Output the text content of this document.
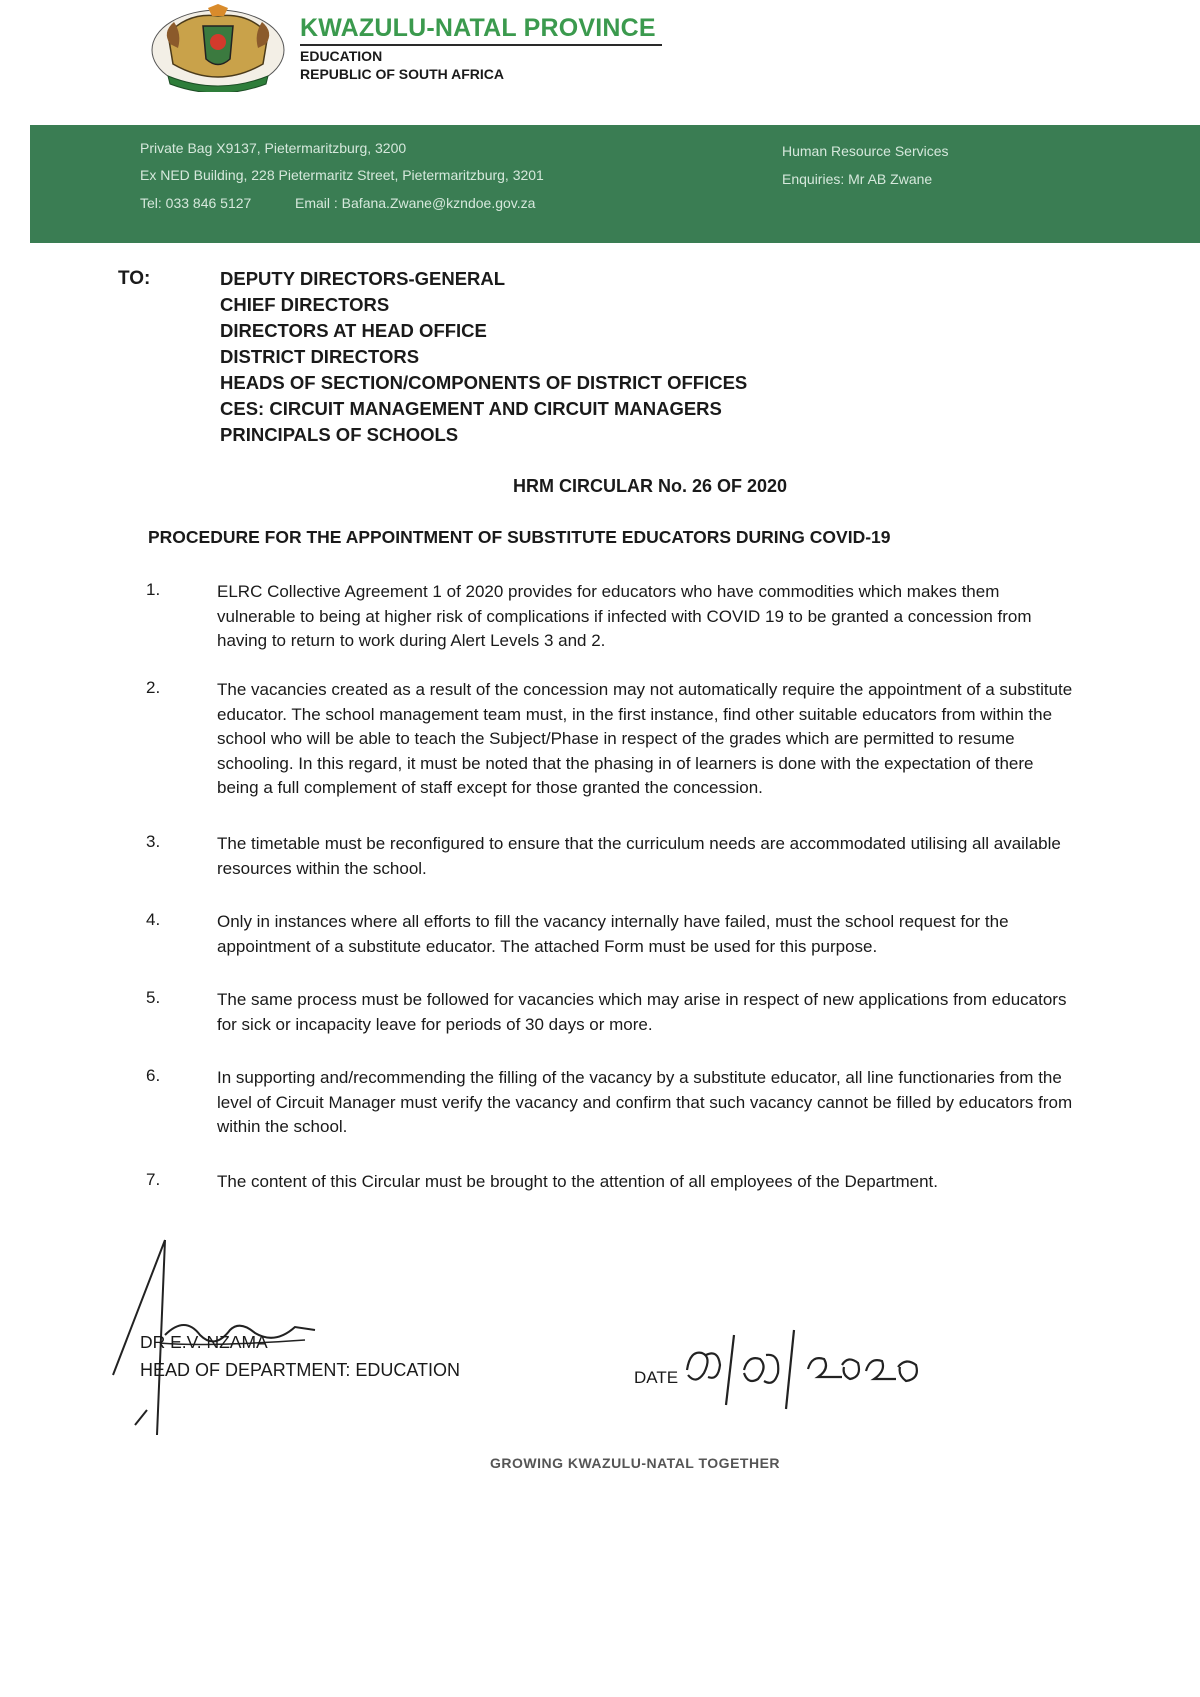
KWAZULU-NATAL PROVINCE
EDUCATION
REPUBLIC OF SOUTH AFRICA
Private Bag X9137, Pietermaritzburg, 3200
Ex NED Building, 228 Pietermaritz Street, Pietermaritzburg, 3201
Tel: 033 846 5127	Email : Bafana.Zwane@kzndoe.gov.za
Human Resource Services
Enquiries: Mr AB Zwane
TO:	DEPUTY DIRECTORS-GENERAL
CHIEF DIRECTORS
DIRECTORS AT HEAD OFFICE
DISTRICT DIRECTORS
HEADS OF SECTION/COMPONENTS OF DISTRICT OFFICES
CES: CIRCUIT MANAGEMENT AND CIRCUIT MANAGERS
PRINCIPALS OF SCHOOLS
HRM CIRCULAR No. 26 OF 2020
PROCEDURE FOR THE APPOINTMENT OF SUBSTITUTE EDUCATORS DURING COVID-19
1.	ELRC Collective Agreement 1 of 2020 provides for educators who have commodities which makes them vulnerable to being at higher risk of complications if infected with COVID 19 to be granted a concession from having to return to work during Alert Levels 3 and 2.
2.	The vacancies created as a result of the concession may not automatically require the appointment of a substitute educator. The school management team must, in the first instance, find other suitable educators from within the school who will be able to teach the Subject/Phase in respect of the grades which are permitted to resume schooling. In this regard, it must be noted that the phasing in of learners is done with the expectation of there being a full complement of staff except for those granted the concession.
3.	The timetable must be reconfigured to ensure that the curriculum needs are accommodated utilising all available resources within the school.
4.	Only in instances where all efforts to fill the vacancy internally have failed, must the school request for the appointment of a substitute educator. The attached Form must be used for this purpose.
5.	The same process must be followed for vacancies which may arise in respect of new applications from educators for sick or incapacity leave for periods of 30 days or more.
6.	In supporting and/recommending the filling of the vacancy by a substitute educator, all line functionaries from the level of Circuit Manager must verify the vacancy and confirm that such vacancy cannot be filled by educators from within the school.
7.	The content of this Circular must be brought to the attention of all employees of the Department.
DR E.V. NZAMA
HEAD OF DEPARTMENT: EDUCATION	DATE
GROWING KWAZULU-NATAL TOGETHER
